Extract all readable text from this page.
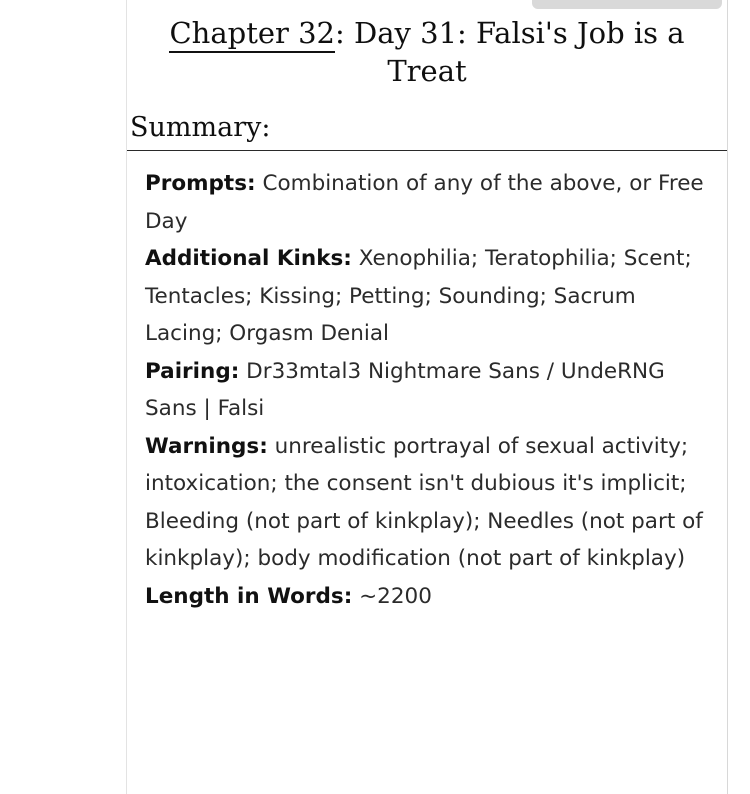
Chapter 32: Day 31: Falsi's Job is a Treat
Summary:

Prompts: Combination of any of the above, or Free Day

Additional Kinks: Xenophilia; Teratophilia; Scent; Tentacles; Kissing; Petting; Sounding; Sacrum Lacing; Orgasm Denial

Pairing: Dr33mtal3 Nightmare Sans / UndeRNG Sans | Falsi

Warnings: unrealistic portrayal of sexual activity; intoxication; the consent isn't dubious it's implicit; Bleeding (not part of kinkplay); Needles (not part of kinkplay); body modification (not part of kinkplay)

Length in Words: ~2200
